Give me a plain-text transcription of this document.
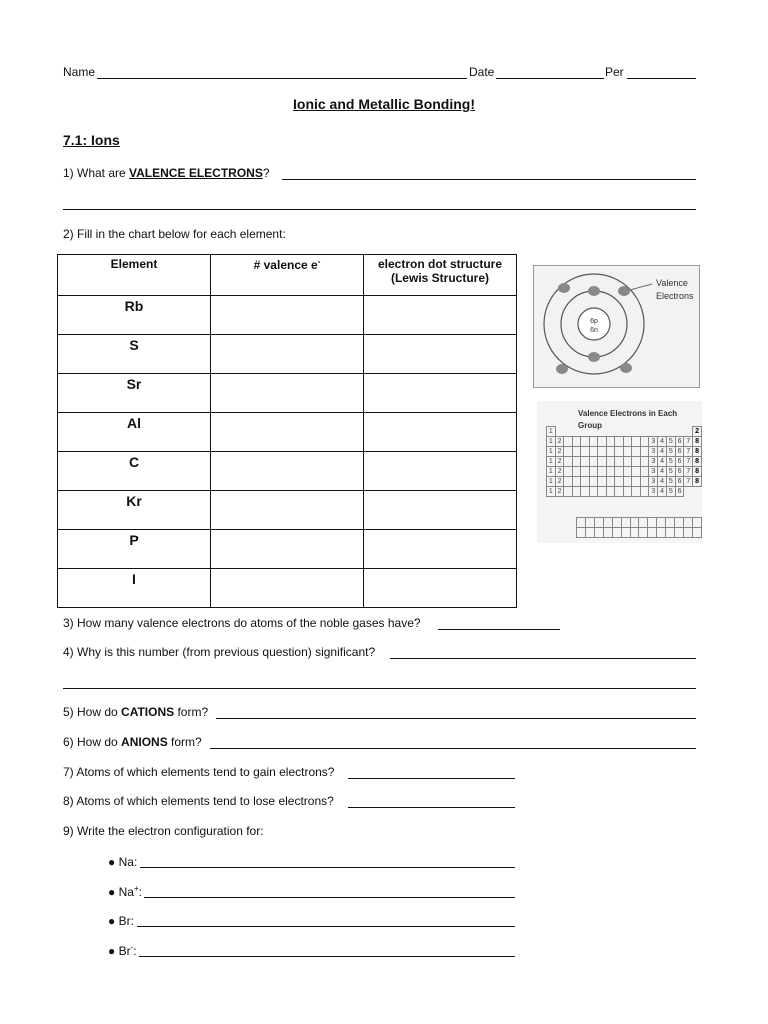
Name	Date	Per
Ionic and Metallic Bonding!
7.1: Ions
1) What are VALENCE ELECTRONS?
2) Fill in the chart below for each element:
Element	# valence e-	electron dot structure
(Lewis Structure)
Rb		
S		
Sr		
Al		
C		
Kr		
P		
I		
6p
6n
Valence
Electrons
Valence Electrons in Each
Group
1																	2
1	2											3	4	5	6	7	8
1	2											3	4	5	6	7	8
1	2											3	4	5	6	7	8
1	2											3	4	5	6	7	8
1	2											3	4	5	6	7	8
1	2											3	4	5	6		

3) How many valence electrons do atoms of the noble gases have?
4) Why is this number (from previous question) significant?
5) How do CATIONS form?
6) How do ANIONS form?
7) Atoms of which elements tend to gain electrons?
8) Atoms of which elements tend to lose electrons?
9) Write the electron configuration for:
● Na:
● Na+:
● Br:
● Br-:
